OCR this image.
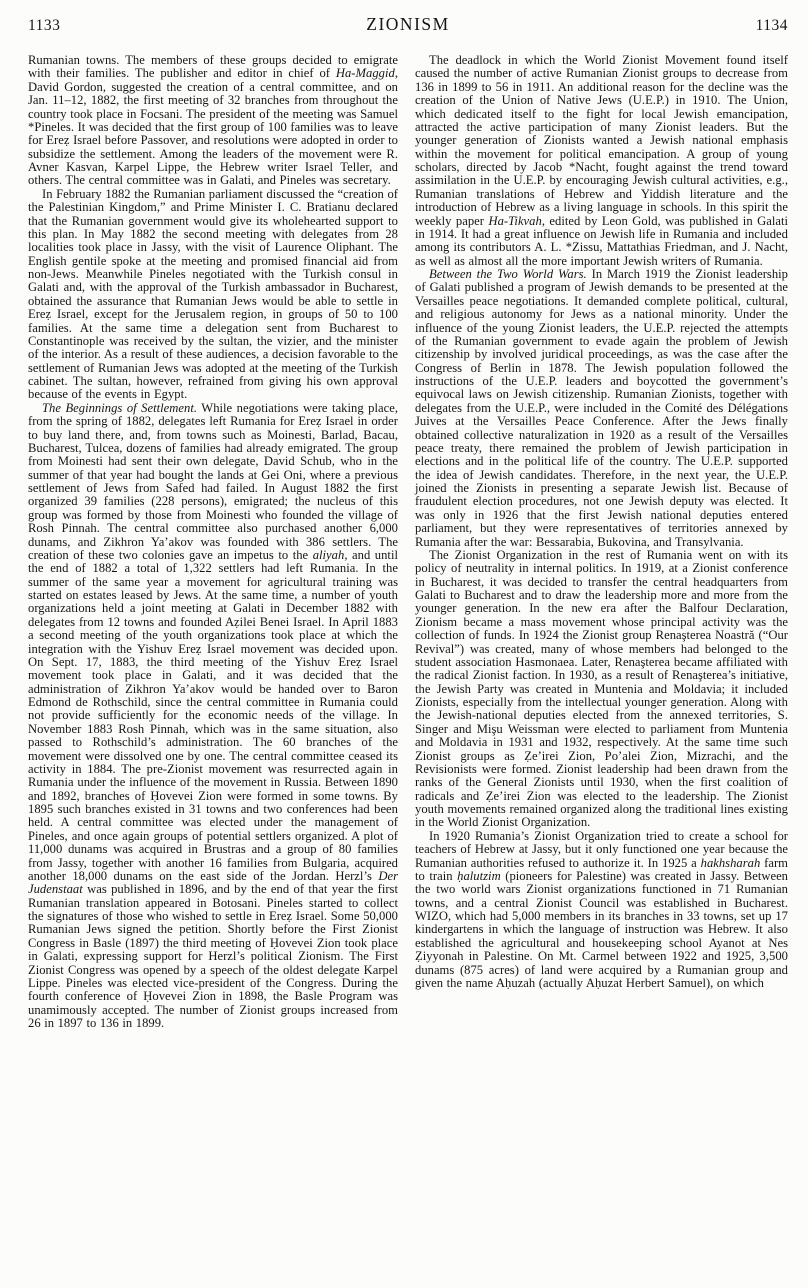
1133	ZIONISM	1134

Rumanian towns. The members of these groups decided to emigrate with their families. The publisher and editor in chief of Ha-Maggid, David Gordon, suggested the creation of a central committee, and on Jan. 11–12, 1882, the first meeting of 32 branches from throughout the country took place in Focsani. The president of the meeting was Samuel *Pineles. It was decided that the first group of 100 families was to leave for Ereẓ Israel before Passover, and resolutions were adopted in order to subsidize the settlement. Among the leaders of the movement were R. Avner Kasvan, Karpel Lippe, the Hebrew writer Israel Teller, and others. The central committee was in Galati, and Pineles was secretary.

In February 1882 the Rumanian parliament discussed the “creation of the Palestinian Kingdom,” and Prime Minister I. C. Bratianu declared that the Rumanian government would give its wholehearted support to this plan. In May 1882 the second meeting with delegates from 28 localities took place in Jassy, with the visit of Laurence Oliphant. The English gentile spoke at the meeting and promised financial aid from non-Jews. Meanwhile Pineles negotiated with the Turkish consul in Galati and, with the approval of the Turkish ambassador in Bucharest, obtained the assurance that Rumanian Jews would be able to settle in Ereẓ Israel, except for the Jerusalem region, in groups of 50 to 100 families. At the same time a delegation sent from Bucharest to Constantinople was received by the sultan, the vizier, and the minister of the interior. As a result of these audiences, a decision favorable to the settlement of Rumanian Jews was adopted at the meeting of the Turkish cabinet. The sultan, however, refrained from giving his own approval because of the events in Egypt.

The Beginnings of Settlement. While negotiations were taking place, from the spring of 1882, delegates left Rumania for Ereẓ Israel in order to buy land there, and, from towns such as Moinesti, Barlad, Bacau, Bucharest, Tulcea, dozens of families had already emigrated. The group from Moinesti had sent their own delegate, David Schub, who in the summer of that year had bought the lands at Gei Oni, where a previous settlement of Jews from Safed had failed. In August 1882 the first organized 39 families (228 persons), emigrated; the nucleus of this group was formed by those from Moinesti who founded the village of Rosh Pinnah. The central committee also purchased another 6,000 dunams, and Zikhron Ya’akov was founded with 386 settlers. The creation of these two colonies gave an impetus to the aliyah, and until the end of 1882 a total of 1,322 settlers had left Rumania. In the summer of the same year a movement for agricultural training was started on estates leased by Jews. At the same time, a number of youth organizations held a joint meeting at Galati in December 1882 with delegates from 12 towns and founded Aẓilei Benei Israel. In April 1883 a second meeting of the youth organizations took place at which the integration with the Yishuv Ereẓ Israel movement was decided upon. On Sept. 17, 1883, the third meeting of the Yishuv Ereẓ Israel movement took place in Galati, and it was decided that the administration of Zikhron Ya’akov would be handed over to Baron Edmond de Rothschild, since the central committee in Rumania could not provide sufficiently for the economic needs of the village. In November 1883 Rosh Pinnah, which was in the same situation, also passed to Rothschild’s administration. The 60 branches of the movement were dissolved one by one. The central committee ceased its activity in 1884. The pre-Zionist movement was resurrected again in Rumania under the influence of the movement in Russia. Between 1890 and 1892, branches of Ḥovevei Zion were formed in some towns. By 1895 such branches existed in 31 towns and two conferences had been held. A central committee was elected under the management of Pineles, and once again groups of potential settlers organized. A plot of 11,000 dunams was acquired in Brustras and a group of 80 families from Jassy, together with another 16 families from Bulgaria, acquired another 18,000 dunams on the east side of the Jordan. Herzl’s Der Judenstaat was published in 1896, and by the end of that year the first Rumanian translation appeared in Botosani. Pineles started to collect the signatures of those who wished to settle in Ereẓ Israel. Some 50,000 Rumanian Jews signed the petition. Shortly before the First Zionist Congress in Basle (1897) the third meeting of Ḥovevei Zion took place in Galati, expressing support for Herzl’s political Zionism. The First Zionist Congress was opened by a speech of the oldest delegate Karpel Lippe. Pineles was elected vice-president of the Congress. During the fourth conference of Ḥovevei Zion in 1898, the Basle Program was unamimously accepted. The number of Zionist groups increased from 26 in 1897 to 136 in 1899.

The deadlock in which the World Zionist Movement found itself caused the number of active Rumanian Zionist groups to decrease from 136 in 1899 to 56 in 1911. An additional reason for the decline was the creation of the Union of Native Jews (U.E.P.) in 1910. The Union, which dedicated itself to the fight for local Jewish emancipation, attracted the active participation of many Zionist leaders. But the younger generation of Zionists wanted a Jewish national emphasis within the movement for political emancipation. A group of young scholars, directed by Jacob *Nacht, fought against the trend toward assimilation in the U.E.P. by encouraging Jewish cultural activities, e.g., Rumanian translations of Hebrew and Yiddish literature and the introduction of Hebrew as a living language in schools. In this spirit the weekly paper Ha-Tikvah, edited by Leon Gold, was published in Galati in 1914. It had a great influence on Jewish life in Rumania and included among its contributors A. L. *Zissu, Mattathias Friedman, and J. Nacht, as well as almost all the more important Jewish writers of Rumania.

Between the Two World Wars. In March 1919 the Zionist leadership of Galati published a program of Jewish demands to be presented at the Versailles peace negotiations. It demanded complete political, cultural, and religious autonomy for Jews as a national minority. Under the influence of the young Zionist leaders, the U.E.P. rejected the attempts of the Rumanian government to evade again the problem of Jewish citizenship by involved juridical proceedings, as was the case after the Congress of Berlin in 1878. The Jewish population followed the instructions of the U.E.P. leaders and boycotted the government’s equivocal laws on Jewish citizenship. Rumanian Zionists, together with delegates from the U.E.P., were included in the Comité des Délégations Juives at the Versailles Peace Conference. After the Jews finally obtained collective naturalization in 1920 as a result of the Versailles peace treaty, there remained the problem of Jewish participation in elections and in the political life of the country. The U.E.P. supported the idea of Jewish candidates. Therefore, in the next year, the U.E.P. joined the Zionists in presenting a separate Jewish list. Because of fraudulent election procedures, not one Jewish deputy was elected. It was only in 1926 that the first Jewish national deputies entered parliament, but they were representatives of territories annexed by Rumania after the war: Bessarabia, Bukovina, and Transylvania.

The Zionist Organization in the rest of Rumania went on with its policy of neutrality in internal politics. In 1919, at a Zionist conference in Bucharest, it was decided to transfer the central headquarters from Galati to Bucharest and to draw the leadership more and more from the younger generation. In the new era after the Balfour Declaration, Zionism became a mass movement whose principal activity was the collection of funds. In 1924 the Zionist group Renaşterea Noastră (“Our Revival”) was created, many of whose members had belonged to the student association Hasmonaea. Later, Renaşterea became affiliated with the radical Zionist faction. In 1930, as a result of Renaşterea’s initiative, the Jewish Party was created in Muntenia and Moldavia; it included Zionists, especially from the intellectual younger generation. Along with the Jewish-national deputies elected from the annexed territories, S. Singer and Mişu Weissman were elected to parliament from Muntenia and Moldavia in 1931 and 1932, respectively. At the same time such Zionist groups as Ẓe’irei Zion, Po’alei Zion, Mizrachi, and the Revisionists were formed. Zionist leadership had been drawn from the ranks of the General Zionists until 1930, when the first coalition of radicals and Ẓe’irei Zion was elected to the leadership. The Zionist youth movements remained organized along the traditional lines existing in the World Zionist Organization.

In 1920 Rumania’s Zionist Organization tried to create a school for teachers of Hebrew at Jassy, but it only functioned one year because the Rumanian authorities refused to authorize it. In 1925 a hakhsharah farm to train ḥalutzim (pioneers for Palestine) was created in Jassy. Between the two world wars Zionist organizations functioned in 71 Rumanian towns, and a central Zionist Council was established in Bucharest. WIZO, which had 5,000 members in its branches in 33 towns, set up 17 kindergartens in which the language of instruction was Hebrew. It also established the agricultural and housekeeping school Ayanot at Nes Ẓiyyonah in Palestine. On Mt. Carmel between 1922 and 1925, 3,500 dunams (875 acres) of land were acquired by a Rumanian group and given the name Aḥuzah (actually Aḥuzat Herbert Samuel), on which
